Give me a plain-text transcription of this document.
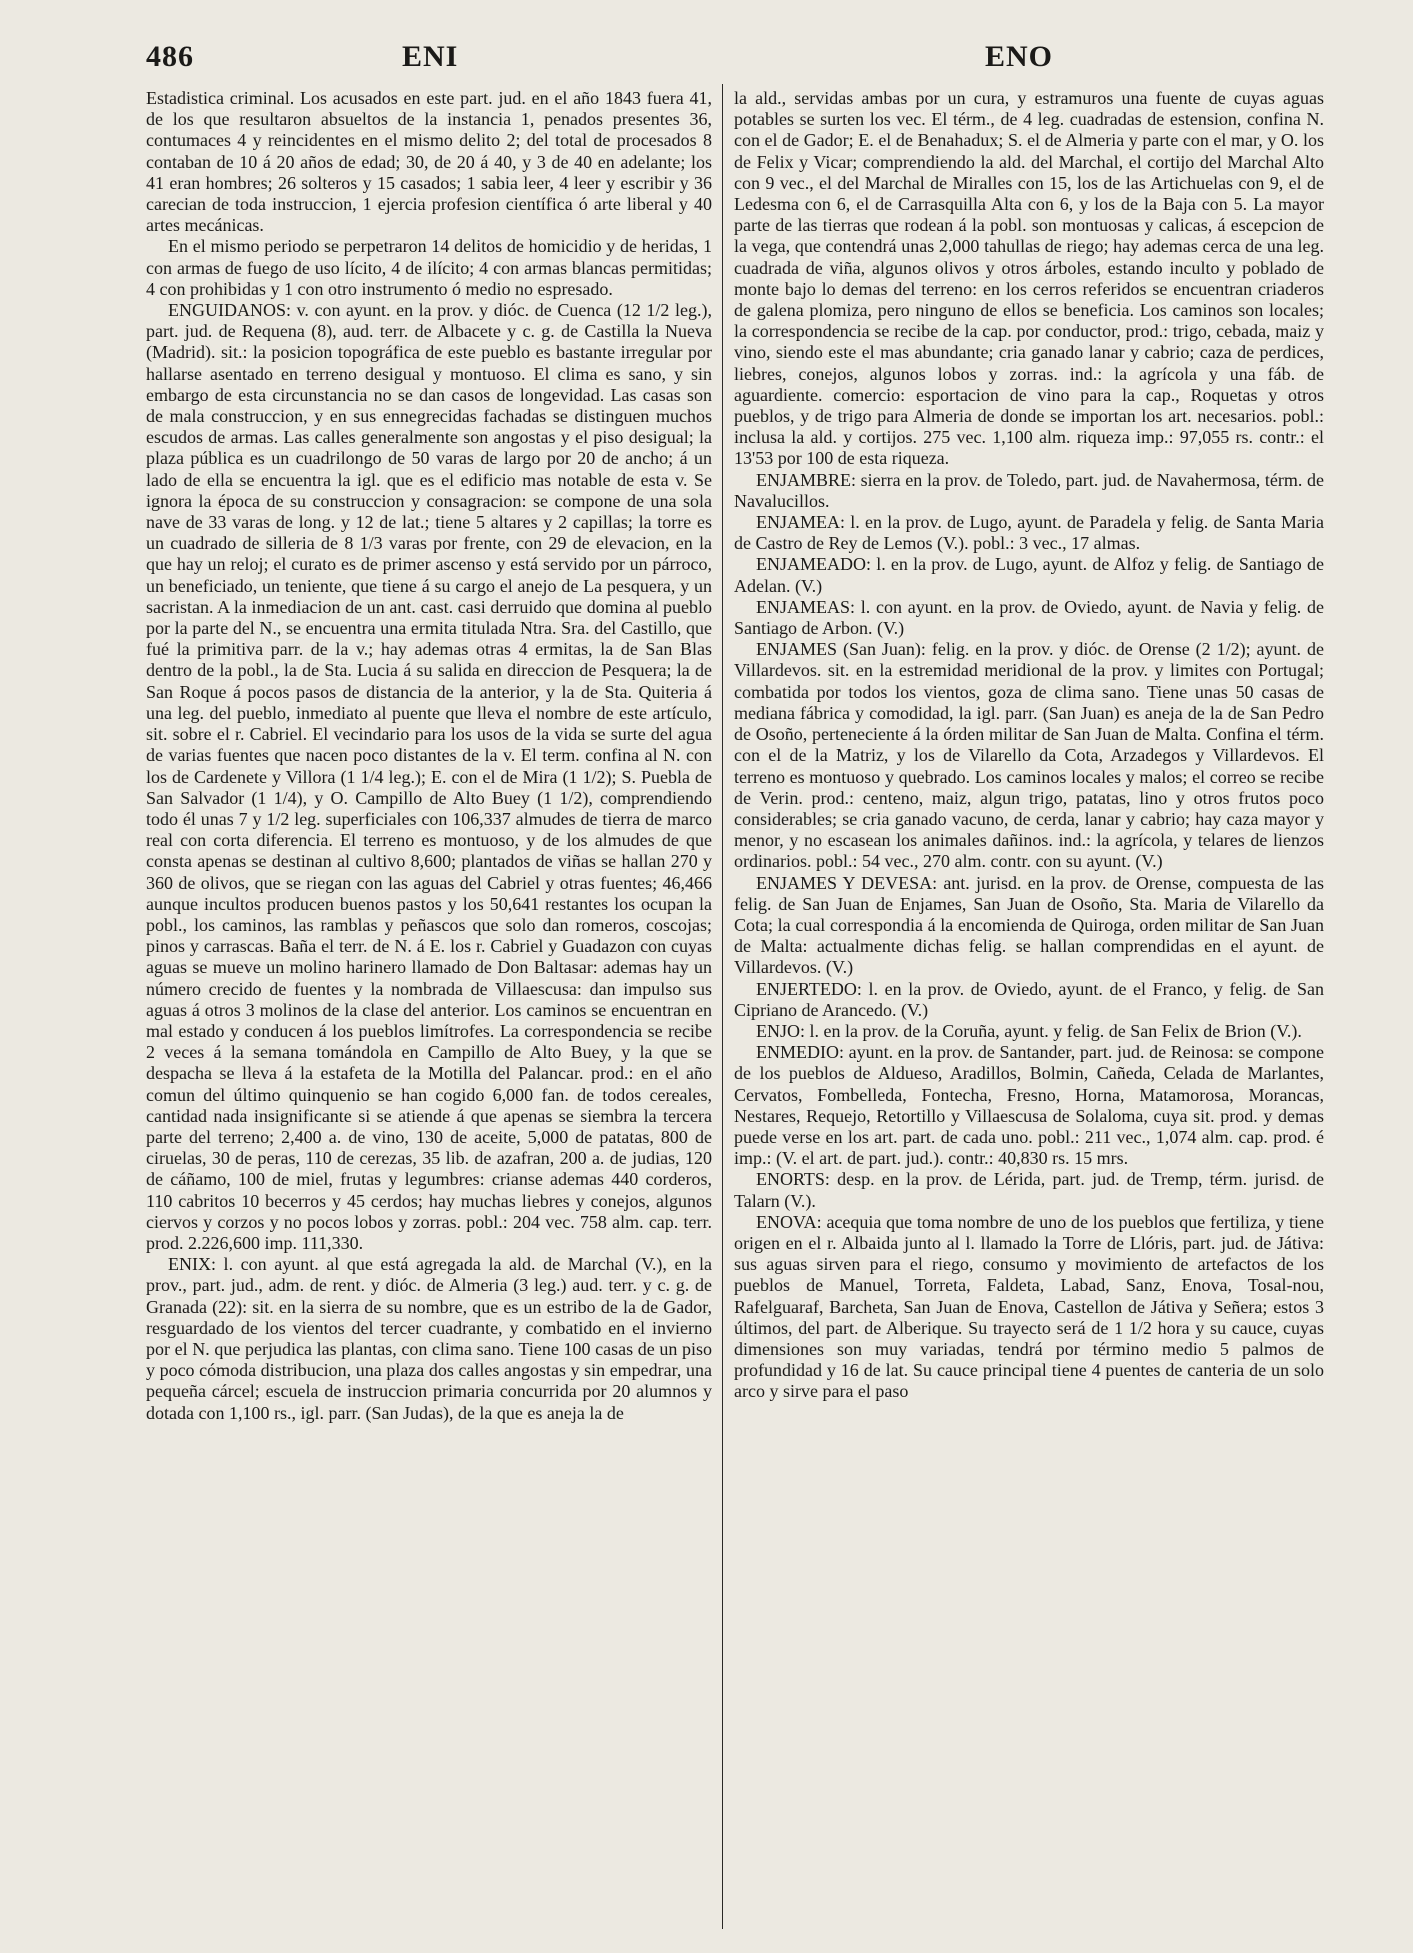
486	ENI	ENO

Estadistica criminal. Los acusados en este part. jud. en el año 1843 fuera 41, de los que resultaron absueltos de la instancia 1, penados presentes 36, contumaces 4 y reincidentes en el mismo delito 2; del total de procesados 8 contaban de 10 á 20 años de edad; 30, de 20 á 40, y 3 de 40 en adelante; los 41 eran hombres; 26 solteros y 15 casados; 1 sabia leer, 4 leer y escribir y 36 carecian de toda instruccion, 1 ejercia profesion científica ó arte liberal y 40 artes mecánicas.

En el mismo periodo se perpetraron 14 delitos de homicidio y de heridas, 1 con armas de fuego de uso lícito, 4 de ilícito; 4 con armas blancas permitidas; 4 con prohibidas y 1 con otro instrumento ó medio no espresado.

ENGUIDANOS: v. con ayunt. en la prov. y dióc. de Cuenca (12 1/2 leg.), part. jud. de Requena (8), aud. terr. de Albacete y c. g. de Castilla la Nueva (Madrid). sit.: la posicion topográfica de este pueblo es bastante irregular por hallarse asentado en terreno desigual y montuoso. El clima es sano, y sin embargo de esta circunstancia no se dan casos de longevidad. Las casas son de mala construccion, y en sus ennegrecidas fachadas se distinguen muchos escudos de armas. Las calles generalmente son angostas y el piso desigual; la plaza pública es un cuadrilongo de 50 varas de largo por 20 de ancho; á un lado de ella se encuentra la igl. que es el edificio mas notable de esta v. Se ignora la época de su construccion y consagracion: se compone de una sola nave de 33 varas de long. y 12 de lat.; tiene 5 altares y 2 capillas; la torre es un cuadrado de silleria de 8 1/3 varas por frente, con 29 de elevacion, en la que hay un reloj; el curato es de primer ascenso y está servido por un párroco, un beneficiado, un teniente, que tiene á su cargo el anejo de La pesquera, y un sacristan. A la inmediacion de un ant. cast. casi derruido que domina al pueblo por la parte del N., se encuentra una ermita titulada Ntra. Sra. del Castillo, que fué la primitiva parr. de la v.; hay ademas otras 4 ermitas, la de San Blas dentro de la pobl., la de Sta. Lucia á su salida en direccion de Pesquera; la de San Roque á pocos pasos de distancia de la anterior, y la de Sta. Quiteria á una leg. del pueblo, inmediato al puente que lleva el nombre de este artículo, sit. sobre el r. Cabriel. El vecindario para los usos de la vida se surte del agua de varias fuentes que nacen poco distantes de la v. El term. confina al N. con los de Cardenete y Villora (1 1/4 leg.); E. con el de Mira (1 1/2); S. Puebla de San Salvador (1 1/4), y O. Campillo de Alto Buey (1 1/2), comprendiendo todo él unas 7 y 1/2 leg. superficiales con 106,337 almudes de tierra de marco real con corta diferencia. El terreno es montuoso, y de los almudes de que consta apenas se destinan al cultivo 8,600; plantados de viñas se hallan 270 y 360 de olivos, que se riegan con las aguas del Cabriel y otras fuentes; 46,466 aunque incultos producen buenos pastos y los 50,641 restantes los ocupan la pobl., los caminos, las ramblas y peñascos que solo dan romeros, coscojas; pinos y carrascas. Baña el terr. de N. á E. los r. Cabriel y Guadazon con cuyas aguas se mueve un molino harinero llamado de Don Baltasar: ademas hay un número crecido de fuentes y la nombrada de Villaescusa: dan impulso sus aguas á otros 3 molinos de la clase del anterior. Los caminos se encuentran en mal estado y conducen á los pueblos limítrofes. La correspondencia se recibe 2 veces á la semana tomándola en Campillo de Alto Buey, y la que se despacha se lleva á la estafeta de la Motilla del Palancar. prod.: en el año comun del último quinquenio se han cogido 6,000 fan. de todos cereales, cantidad nada insignificante si se atiende á que apenas se siembra la tercera parte del terreno; 2,400 a. de vino, 130 de aceite, 5,000 de patatas, 800 de ciruelas, 30 de peras, 110 de cerezas, 35 lib. de azafran, 200 a. de judias, 120 de cáñamo, 100 de miel, frutas y legumbres: crianse ademas 440 corderos, 110 cabritos 10 becerros y 45 cerdos; hay muchas liebres y conejos, algunos ciervos y corzos y no pocos lobos y zorras. pobl.: 204 vec. 758 alm. cap. terr. prod. 2.226,600 imp. 111,330.

ENIX: l. con ayunt. al que está agregada la ald. de Marchal (V.), en la prov., part. jud., adm. de rent. y dióc. de Almeria (3 leg.) aud. terr. y c. g. de Granada (22): sit. en la sierra de su nombre, que es un estribo de la de Gador, resguardado de los vientos del tercer cuadrante, y combatido en el invierno por el N. que perjudica las plantas, con clima sano. Tiene 100 casas de un piso y poco cómoda distribucion, una plaza dos calles angostas y sin empedrar, una pequeña cárcel; escuela de instruccion primaria concurrida por 20 alumnos y dotada con 1,100 rs., igl. parr. (San Judas), de la que es aneja la de

la ald., servidas ambas por un cura, y estramuros una fuente de cuyas aguas potables se surten los vec. El térm., de 4 leg. cuadradas de estension, confina N. con el de Gador; E. el de Benahadux; S. el de Almeria y parte con el mar, y O. los de Felix y Vicar; comprendiendo la ald. del Marchal, el cortijo del Marchal Alto con 9 vec., el del Marchal de Miralles con 15, los de las Artichuelas con 9, el de Ledesma con 6, el de Carrasquilla Alta con 6, y los de la Baja con 5. La mayor parte de las tierras que rodean á la pobl. son montuosas y calicas, á escepcion de la vega, que contendrá unas 2,000 tahullas de riego; hay ademas cerca de una leg. cuadrada de viña, algunos olivos y otros árboles, estando inculto y poblado de monte bajo lo demas del terreno: en los cerros referidos se encuentran criaderos de galena plomiza, pero ninguno de ellos se beneficia. Los caminos son locales; la correspondencia se recibe de la cap. por conductor, prod.: trigo, cebada, maiz y vino, siendo este el mas abundante; cria ganado lanar y cabrio; caza de perdices, liebres, conejos, algunos lobos y zorras. ind.: la agrícola y una fáb. de aguardiente. comercio: esportacion de vino para la cap., Roquetas y otros pueblos, y de trigo para Almeria de donde se importan los art. necesarios. pobl.: inclusa la ald. y cortijos. 275 vec. 1,100 alm. riqueza imp.: 97,055 rs. contr.: el 13'53 por 100 de esta riqueza.

ENJAMBRE: sierra en la prov. de Toledo, part. jud. de Navahermosa, térm. de Navalucillos.

ENJAMEA: l. en la prov. de Lugo, ayunt. de Paradela y felig. de Santa Maria de Castro de Rey de Lemos (V.). pobl.: 3 vec., 17 almas.

ENJAMEADO: l. en la prov. de Lugo, ayunt. de Alfoz y felig. de Santiago de Adelan. (V.)

ENJAMEAS: l. con ayunt. en la prov. de Oviedo, ayunt. de Navia y felig. de Santiago de Arbon. (V.)

ENJAMES (San Juan): felig. en la prov. y dióc. de Orense (2 1/2); ayunt. de Villardevos. sit. en la estremidad meridional de la prov. y limites con Portugal; combatida por todos los vientos, goza de clima sano. Tiene unas 50 casas de mediana fábrica y comodidad, la igl. parr. (San Juan) es aneja de la de San Pedro de Osoño, perteneciente á la órden militar de San Juan de Malta. Confina el térm. con el de la Matriz, y los de Vilarello da Cota, Arzadegos y Villardevos. El terreno es montuoso y quebrado. Los caminos locales y malos; el correo se recibe de Verin. prod.: centeno, maiz, algun trigo, patatas, lino y otros frutos poco considerables; se cria ganado vacuno, de cerda, lanar y cabrio; hay caza mayor y menor, y no escasean los animales dañinos. ind.: la agrícola, y telares de lienzos ordinarios. pobl.: 54 vec., 270 alm. contr. con su ayunt. (V.)

ENJAMES Y DEVESA: ant. jurisd. en la prov. de Orense, compuesta de las felig. de San Juan de Enjames, San Juan de Osoño, Sta. Maria de Vilarello da Cota; la cual correspondia á la encomienda de Quiroga, orden militar de San Juan de Malta: actualmente dichas felig. se hallan comprendidas en el ayunt. de Villardevos. (V.)

ENJERTEDO: l. en la prov. de Oviedo, ayunt. de el Franco, y felig. de San Cipriano de Arancedo. (V.)

ENJO: l. en la prov. de la Coruña, ayunt. y felig. de San Felix de Brion (V.).

ENMEDIO: ayunt. en la prov. de Santander, part. jud. de Reinosa: se compone de los pueblos de Aldueso, Aradillos, Bolmin, Cañeda, Celada de Marlantes, Cervatos, Fombelleda, Fontecha, Fresno, Horna, Matamorosa, Morancas, Nestares, Requejo, Retortillo y Villaescusa de Solaloma, cuya sit. prod. y demas puede verse en los art. part. de cada uno. pobl.: 211 vec., 1,074 alm. cap. prod. é imp.: (V. el art. de part. jud.). contr.: 40,830 rs. 15 mrs.

ENORTS: desp. en la prov. de Lérida, part. jud. de Tremp, térm. jurisd. de Talarn (V.).

ENOVA: acequia que toma nombre de uno de los pueblos que fertiliza, y tiene origen en el r. Albaida junto al l. llamado la Torre de Llóris, part. jud. de Játiva: sus aguas sirven para el riego, consumo y movimiento de artefactos de los pueblos de Manuel, Torreta, Faldeta, Labad, Sanz, Enova, Tosal-nou, Rafelguaraf, Barcheta, San Juan de Enova, Castellon de Játiva y Señera; estos 3 últimos, del part. de Alberique. Su trayecto será de 1 1/2 hora y su cauce, cuyas dimensiones son muy variadas, tendrá por término medio 5 palmos de profundidad y 16 de lat. Su cauce principal tiene 4 puentes de canteria de un solo arco y sirve para el paso
